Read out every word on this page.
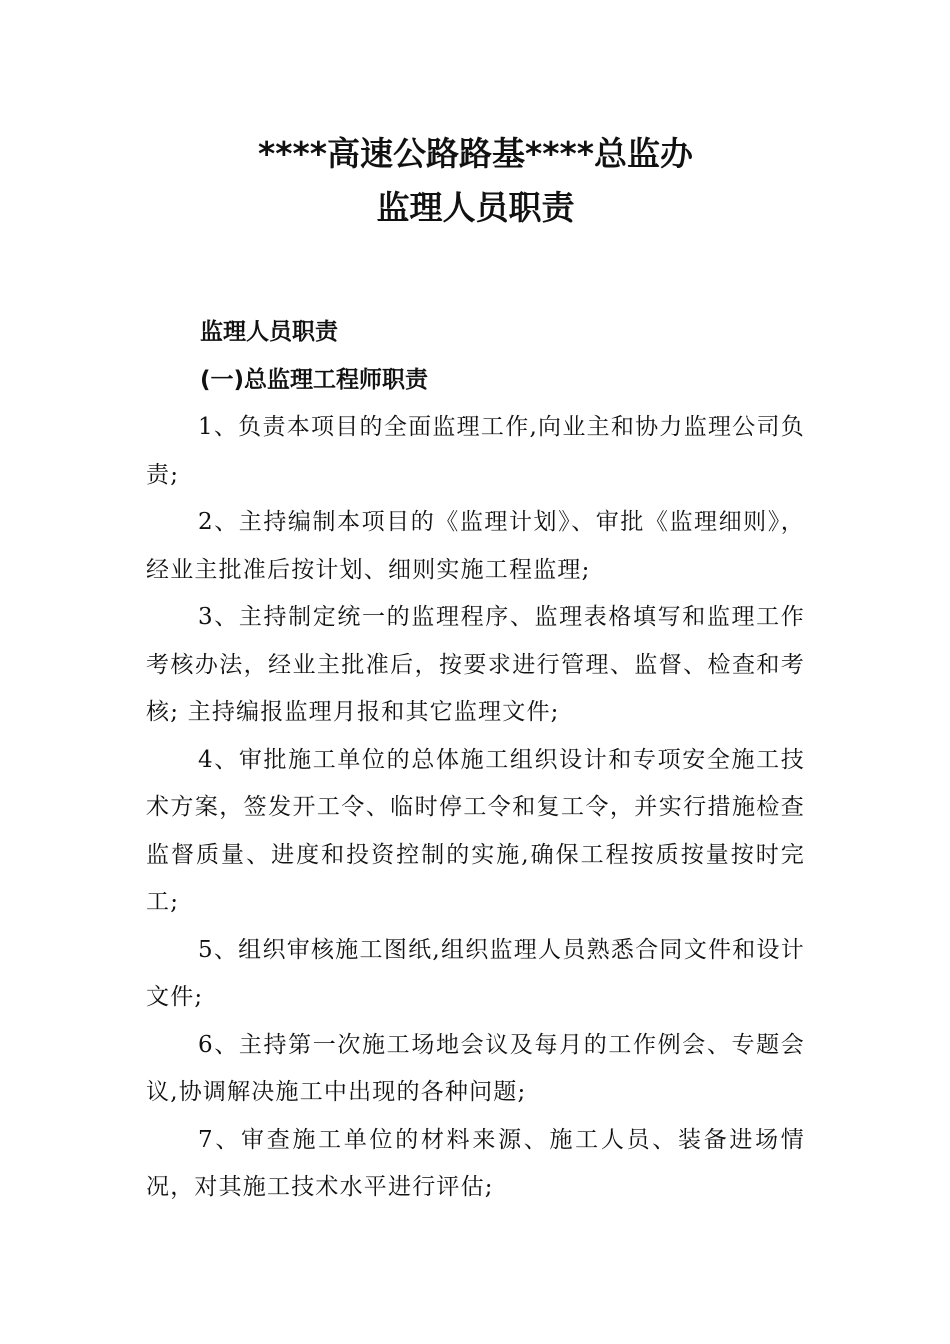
****高速公路路基****总监办
监理人员职责

监理人员职责

(一)总监理工程师职责

1、负责本项目的全面监理工作,向业主和协力监理公司负责;

2、主持编制本项目的《监理计划》、审批《监理细则》，经业主批准后按计划、细则实施工程监理;

3、主持制定统一的监理程序、监理表格填写和监理工作考核办法，经业主批准后，按要求进行管理、监督、检查和考核; 主持编报监理月报和其它监理文件;

4、审批施工单位的总体施工组织设计和专项安全施工技术方案，签发开工令、临时停工令和复工令，并实行措施检查监督质量、进度和投资控制的实施,确保工程按质按量按时完工;

5、组织审核施工图纸,组织监理人员熟悉合同文件和设计文件;

6、主持第一次施工场地会议及每月的工作例会、专题会议,协调解决施工中出现的各种问题;

7、审查施工单位的材料来源、施工人员、装备进场情况，对其施工技术水平进行评估;
